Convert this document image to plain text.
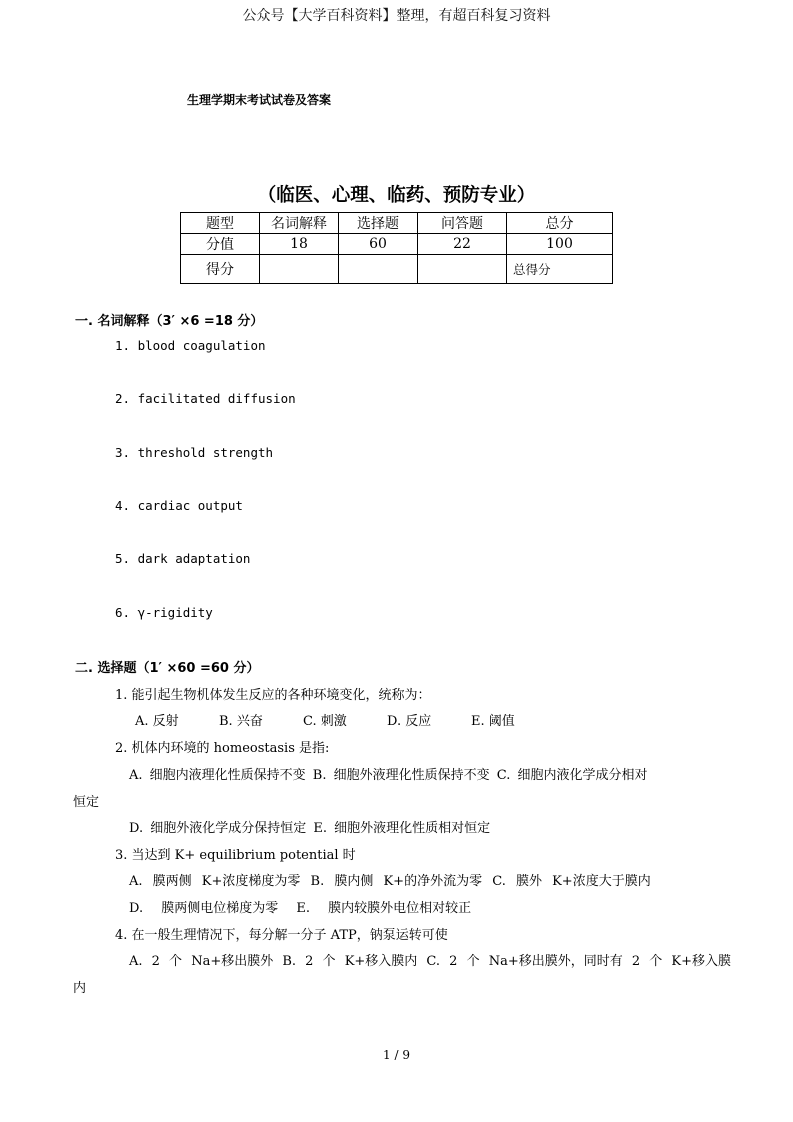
公众号【大学百科资料】整理，有超百科复习资料
生理学期末考试试卷及答案
（临医、心理、临药、预防专业）
题型	名词解释	选择题	问答题	总分
分值	18	60	22	100
得分				总得分
一. 名词解释（3′ ×6 =18 分）
1. blood coagulation
2. facilitated diffusion
3. threshold strength
4. cardiac output
5. dark adaptation
6. γ-rigidity
二. 选择题（1′ ×60 =60 分）
1. 能引起生物机体发生反应的各种环境变化，统称为：
A. 反射	B. 兴奋	C. 刺激	D. 反应	E. 阈值
2. 机体内环境的 homeostasis 是指:
A. 细胞内液理化性质保持不变 B. 细胞外液理化性质保持不变 C. 细胞内液化学成分相对
恒定
D. 细胞外液化学成分保持恒定 E. 细胞外液理化性质相对恒定
3. 当达到 K+ equilibrium potential 时
A. 膜两侧 K+浓度梯度为零 B. 膜内侧 K+的净外流为零 C. 膜外 K+浓度大于膜内
D. 膜两侧电位梯度为零 E. 膜内较膜外电位相对较正
4. 在一般生理情况下，每分解一分子 ATP，钠泵运转可使
A. 2 个 Na+移出膜外 B. 2 个 K+移入膜内 C. 2 个 Na+移出膜外，同时有 2 个 K+移入膜
内
1 / 9
